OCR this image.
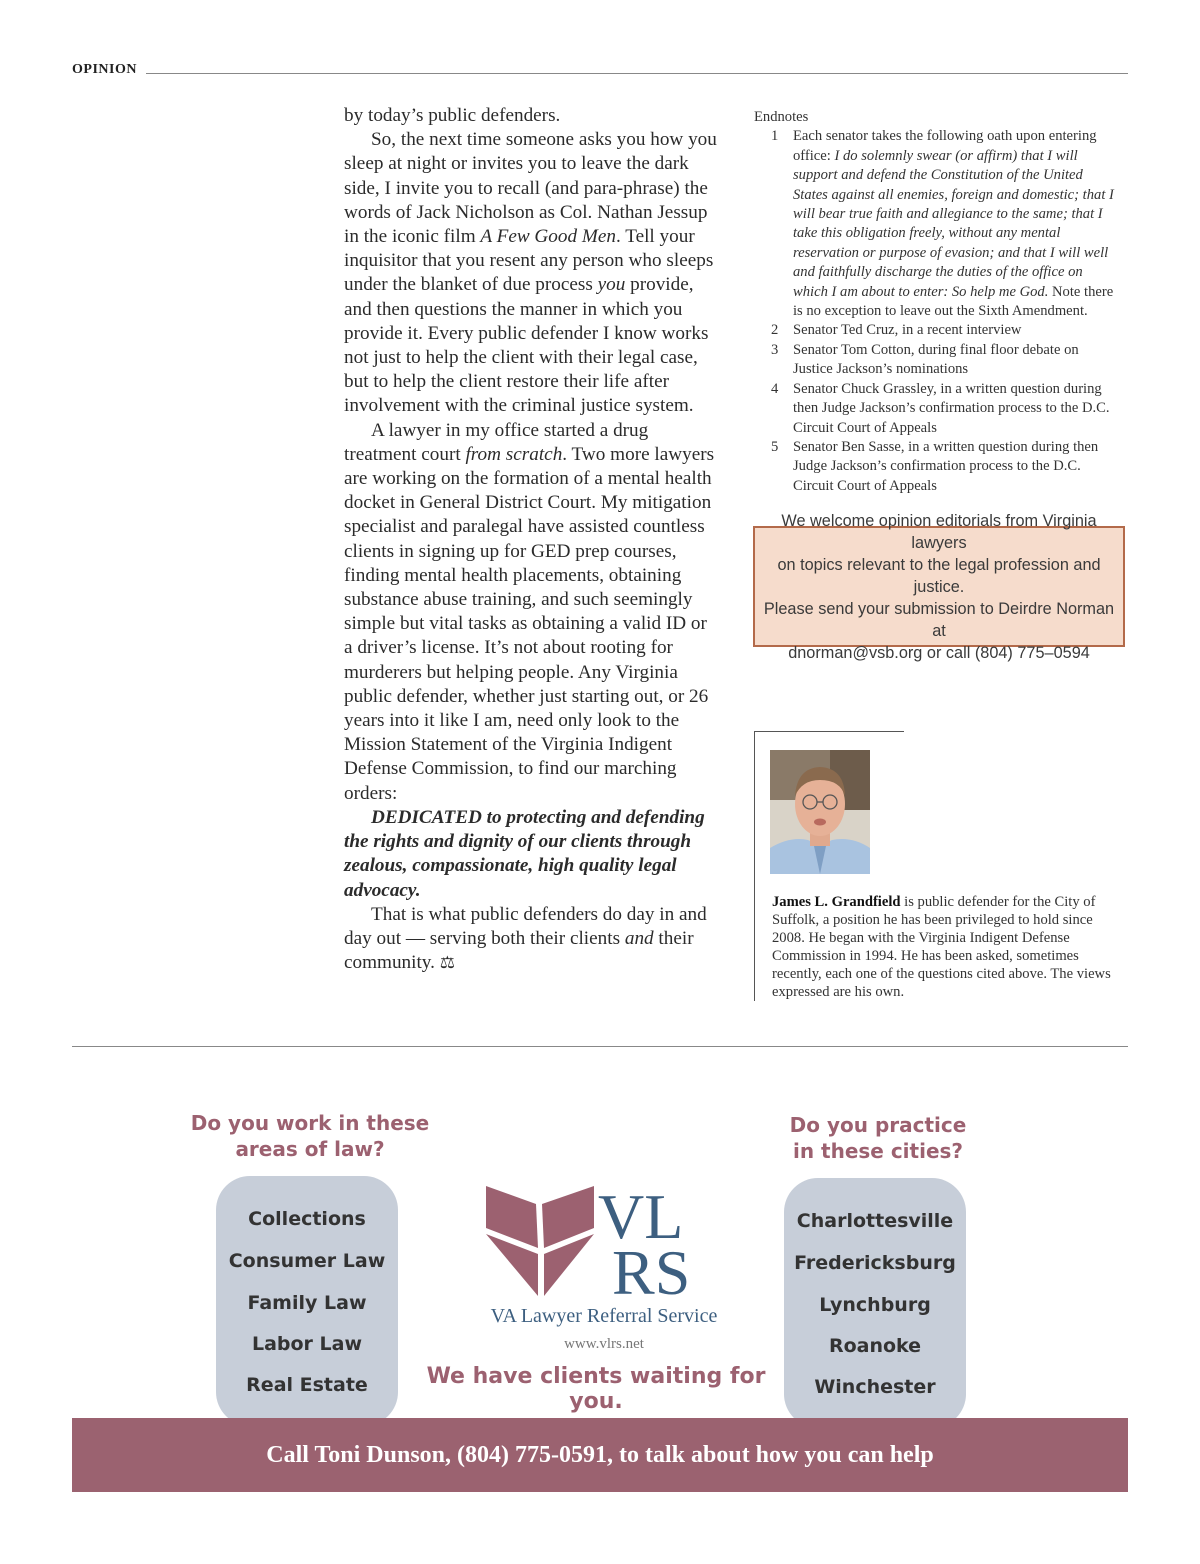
OPINION

by today’s public defenders.

So, the next time someone asks you how you sleep at night or invites you to leave the dark side, I invite you to recall (and para-phrase) the words of Jack Nicholson as Col. Nathan Jessup in the iconic film A Few Good Men. Tell your inquisitor that you resent any person who sleeps under the blanket of due process you provide, and then questions the manner in which you provide it. Every public defender I know works not just to help the client with their legal case, but to help the client restore their life after involvement with the criminal justice system.

A lawyer in my office started a drug treatment court from scratch. Two more lawyers are working on the formation of a mental health docket in General District Court. My mitigation specialist and paralegal have assisted countless clients in signing up for GED prep courses, finding mental health placements, obtaining substance abuse training, and such seemingly simple but vital tasks as obtaining a valid ID or a driver’s license. It’s not about rooting for murderers but helping people. Any Virginia public defender, whether just starting out, or 26 years into it like I am, need only look to the Mission Statement of the Virginia Indigent Defense Commission, to find our marching orders:

DEDICATED to protecting and defending the rights and dignity of our clients through zealous, compassionate, high quality legal advocacy.

That is what public defenders do day in and day out — serving both their clients and their community. ⚖

Endnotes
1	Each senator takes the following oath upon entering office: I do solemnly swear (or affirm) that I will support and defend the Constitution of the United States against all enemies, foreign and domestic; that I will bear true faith and allegiance to the same; that I take this obligation freely, without any mental reservation or purpose of evasion; and that I will well and faithfully discharge the duties of the office on which I am about to enter: So help me God. Note there is no exception to leave out the Sixth Amendment.
2	Senator Ted Cruz, in a recent interview
3	Senator Tom Cotton, during final floor debate on Justice Jackson’s nominations
4	Senator Chuck Grassley, in a written question during then Judge Jackson’s confirmation process to the D.C. Circuit Court of Appeals
5	Senator Ben Sasse, in a written question during then Judge Jackson’s confirmation process to the D.C. Circuit Court of Appeals
We welcome opinion editorials from Virginia lawyers
on topics relevant to the legal profession and justice.
Please send your submission to Deirdre Norman at
dnorman@vsb.org or call (804) 775–0594
James L. Grandfield is public defender for the City of Suffolk, a position he has been privileged to hold since 2008. He began with the Virginia Indigent Defense Commission in 1994. He has been asked, sometimes recently, each one of the questions cited above. The views expressed are his own.
Do you work in these
areas of law?
Do you practice
in these cities?
Collections
Consumer Law
Family Law
Labor Law
Real Estate
Charlottesville
Fredericksburg
Lynchburg
Roanoke
Winchester
VL
RS
VA Lawyer Referral Service
www.vlrs.net
We have clients waiting for you.
Call Toni Dunson, (804) 775-0591, to talk about how you can help
